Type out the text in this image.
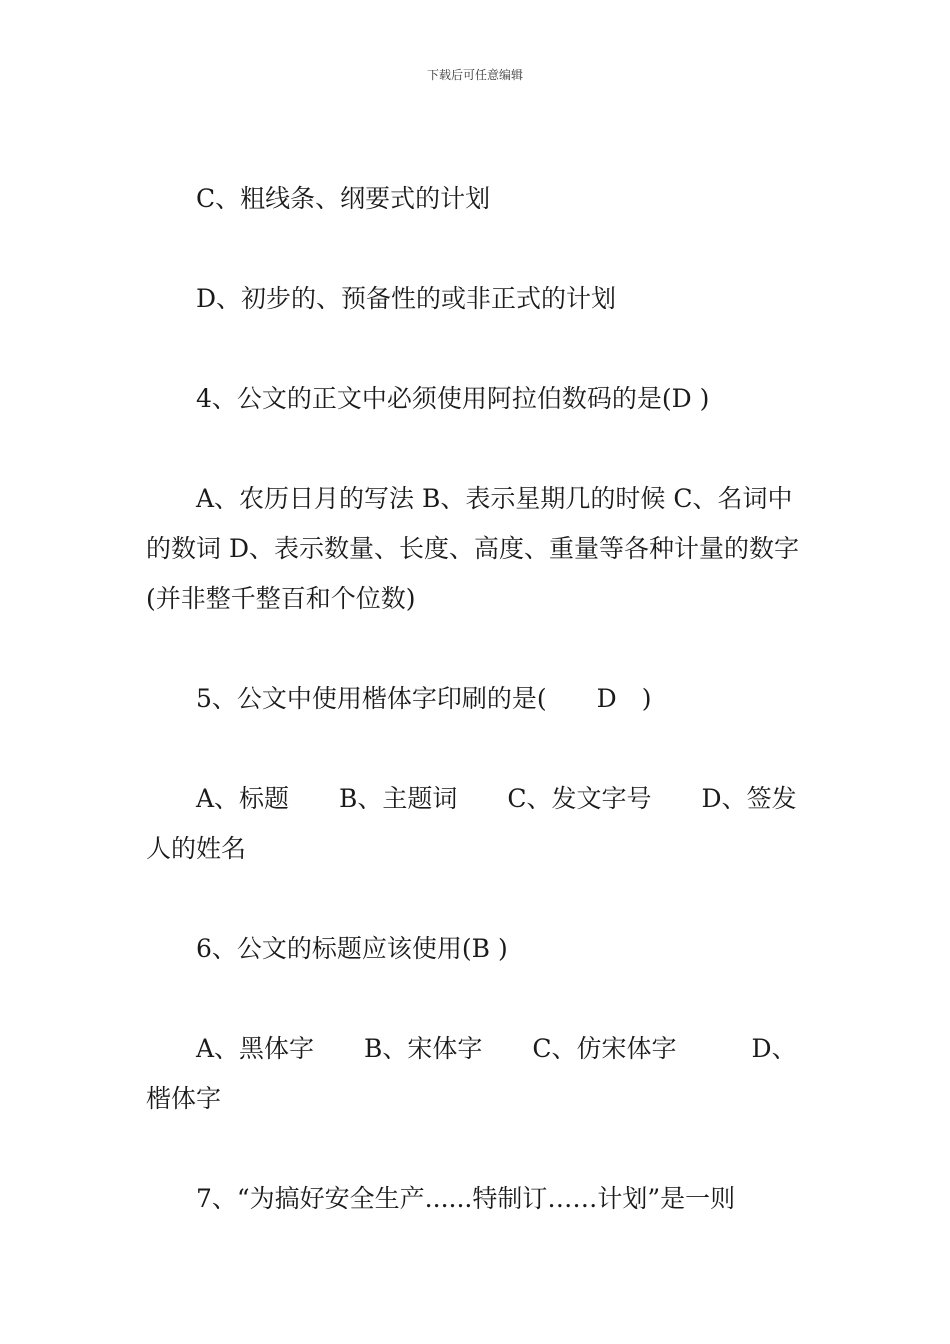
下载后可任意编辑

C、粗线条、纲要式的计划

D、初步的、预备性的或非正式的计划

4、公文的正文中必须使用阿拉伯数码的是(D )

A、农历日月的写法 B、表示星期几的时候 C、名词中的数词 D、表示数量、长度、高度、重量等各种计量的数字(并非整千整百和个位数)

5、公文中使用楷体字印刷的是(　　D　)

A、标题　　B、主题词　　C、发文字号　　D、签发人的姓名

6、公文的标题应该使用(B )

A、黑体字　　B、宋体字　　C、仿宋体字　　　D、楷体字

7、“为搞好安全生产......特制订……计划”是一则
